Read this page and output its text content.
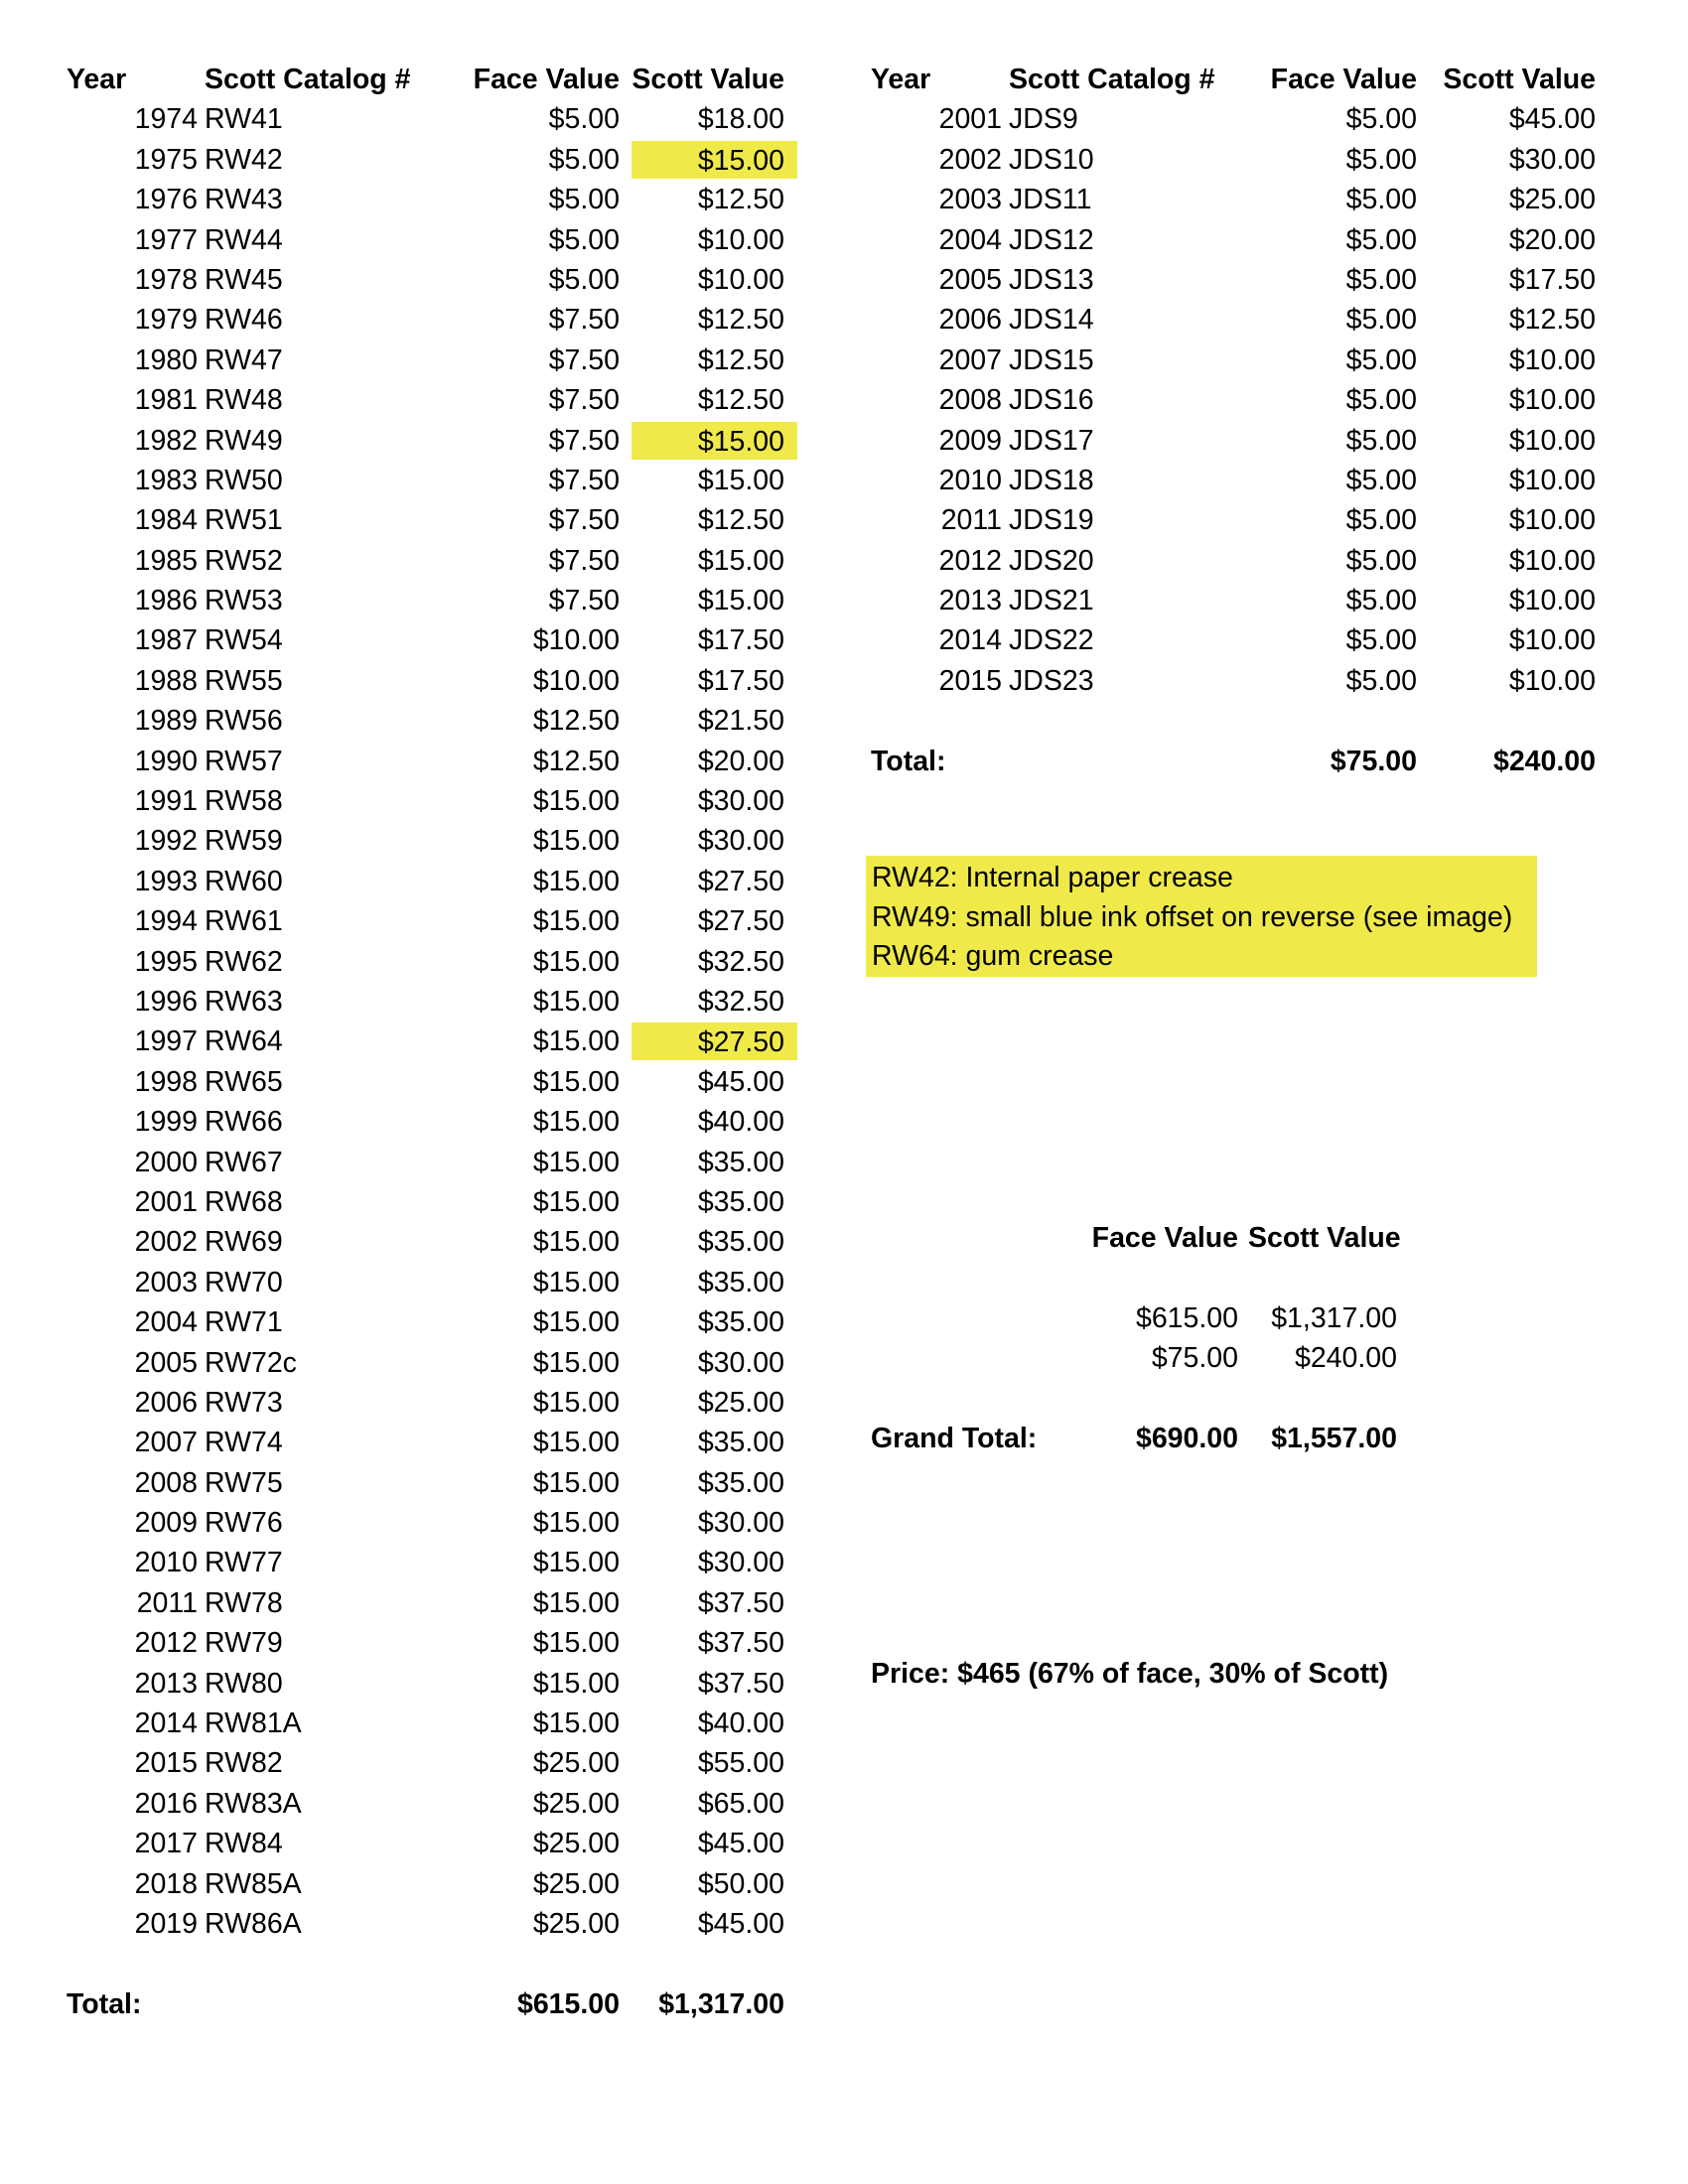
Year	Scott Catalog #	Face Value Scott Value
1974 RW41	$5.00	$18.00
1975 RW42	$5.00	$15.00
1976 RW43	$5.00	$12.50
1977 RW44	$5.00	$10.00
1978 RW45	$5.00	$10.00
1979 RW46	$7.50	$12.50
1980 RW47	$7.50	$12.50
1981 RW48	$7.50	$12.50
1982 RW49	$7.50	$15.00
1983 RW50	$7.50	$15.00
1984 RW51	$7.50	$12.50
1985 RW52	$7.50	$15.00
1986 RW53	$7.50	$15.00
1987 RW54	$10.00	$17.50
1988 RW55	$10.00	$17.50
1989 RW56	$12.50	$21.50
1990 RW57	$12.50	$20.00
1991 RW58	$15.00	$30.00
1992 RW59	$15.00	$30.00
1993 RW60	$15.00	$27.50
1994 RW61	$15.00	$27.50
1995 RW62	$15.00	$32.50
1996 RW63	$15.00	$32.50
1997 RW64	$15.00	$27.50
1998 RW65	$15.00	$45.00
1999 RW66	$15.00	$40.00
2000 RW67	$15.00	$35.00
2001 RW68	$15.00	$35.00
2002 RW69	$15.00	$35.00
2003 RW70	$15.00	$35.00
2004 RW71	$15.00	$35.00
2005 RW72c	$15.00	$30.00
2006 RW73	$15.00	$25.00
2007 RW74	$15.00	$35.00
2008 RW75	$15.00	$35.00
2009 RW76	$15.00	$30.00
2010 RW77	$15.00	$30.00
2011 RW78	$15.00	$37.50
2012 RW79	$15.00	$37.50
2013 RW80	$15.00	$37.50
2014 RW81A	$15.00	$40.00
2015 RW82	$25.00	$55.00
2016 RW83A	$25.00	$65.00
2017 RW84	$25.00	$45.00
2018 RW85A	$25.00	$50.00
2019 RW86A	$25.00	$45.00
Total:	$615.00	$1,317.00
Year	Scott Catalog #	Face Value Scott Value
2001 JDS9	$5.00	$45.00
2002 JDS10	$5.00	$30.00
2003 JDS11	$5.00	$25.00
2004 JDS12	$5.00	$20.00
2005 JDS13	$5.00	$17.50
2006 JDS14	$5.00	$12.50
2007 JDS15	$5.00	$10.00
2008 JDS16	$5.00	$10.00
2009 JDS17	$5.00	$10.00
2010 JDS18	$5.00	$10.00
2011 JDS19	$5.00	$10.00
2012 JDS20	$5.00	$10.00
2013 JDS21	$5.00	$10.00
2014 JDS22	$5.00	$10.00
2015 JDS23	$5.00	$10.00
Total:	$75.00	$240.00
RW42: Internal paper crease
RW49: small blue ink offset on reverse (see image)
RW64: gum crease
Face Value Scott Value
$615.00	$1,317.00
$75.00	$240.00
Grand Total:	$690.00	$1,557.00
Price: $465 (67% of face, 30% of Scott)
